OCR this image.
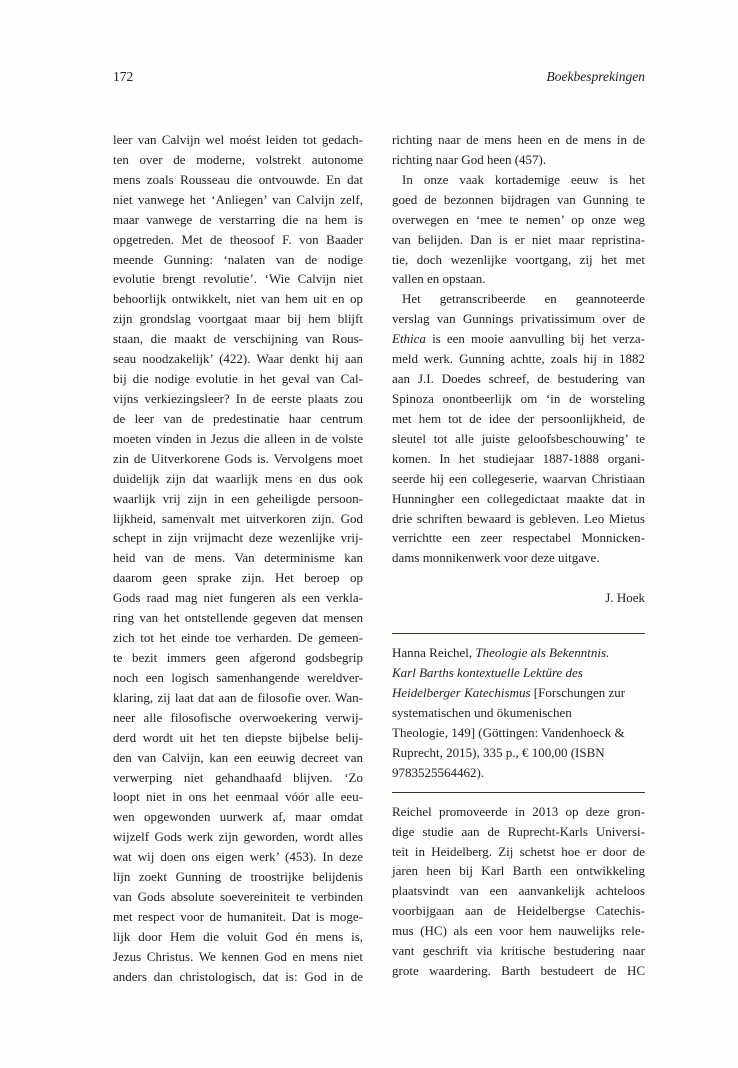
172	Boekbesprekingen
leer van Calvijn wel moést leiden tot gedach-
ten over de moderne, volstrekt autonome
mens zoals Rousseau die ontvouwde. En dat
niet vanwege het ‘Anliegen’ van Calvijn zelf,
maar vanwege de verstarring die na hem is
opgetreden. Met de theosoof F. von Baader
meende Gunning: ‘nalaten van de nodige
evolutie brengt revolutie’. ‘Wie Calvijn niet
behoorlijk ontwikkelt, niet van hem uit en op
zijn grondslag voortgaat maar bij hem blijft
staan, die maakt de verschijning van Rous-
seau noodzakelijk’ (422). Waar denkt hij aan
bij die nodige evolutie in het geval van Cal-
vijns verkiezingsleer? In de eerste plaats zou
de leer van de predestinatie haar centrum
moeten vinden in Jezus die alleen in de volste
zin de Uitverkorene Gods is. Vervolgens moet
duidelijk zijn dat waarlijk mens en dus ook
waarlijk vrij zijn in een geheiligde persoon-
lijkheid, samenvalt met uitverkoren zijn. God
schept in zijn vrijmacht deze wezenlijke vrij-
heid van de mens. Van determinisme kan
daarom geen sprake zijn. Het beroep op
Gods raad mag niet fungeren als een verkla-
ring van het ontstellende gegeven dat mensen
zich tot het einde toe verharden. De gemeen-
te bezit immers geen afgerond godsbegrip
noch een logisch samenhangende wereldver-
klaring, zij laat dat aan de filosofie over. Wan-
neer alle filosofische overwoekering verwij-
derd wordt uit het ten diepste bijbelse belij-
den van Calvijn, kan een eeuwig decreet van
verwerping niet gehandhaafd blijven. ‘Zo
loopt niet in ons het eenmaal vóór alle eeu-
wen opgewonden uurwerk af, maar omdat
wijzelf Gods werk zijn geworden, wordt alles
wat wij doen ons eigen werk’ (453). In deze
lijn zoekt Gunning de troostrijke belijdenis
van Gods absolute soevereiniteit te verbinden
met respect voor de humaniteit. Dat is moge-
lijk door Hem die voluit God én mens is,
Jezus Christus. We kennen God en mens niet
anders dan christologisch, dat is: God in de
richting naar de mens heen en de mens in de
richting naar God heen (457).
In onze vaak kortademige eeuw is het
goed de bezonnen bijdragen van Gunning te
overwegen en ‘mee te nemen’ op onze weg
van belijden. Dan is er niet maar repristina-
tie, doch wezenlijke voortgang, zij het met
vallen en opstaan.
Het getranscribeerde en geannoteerde
verslag van Gunnings privatissimum over de
Ethica is een mooie aanvulling bij het verza-
meld werk. Gunning achtte, zoals hij in 1882
aan J.I. Doedes schreef, de bestudering van
Spinoza onontbeerlijk om ‘in de worsteling
met hem tot de idee der persoonlijkheid, de
sleutel tot alle juiste geloofsbeschouwing’ te
komen. In het studiejaar 1887-1888 organi-
seerde hij een collegeserie, waarvan Christiaan
Hunningher een collegedictaat maakte dat in
drie schriften bewaard is gebleven. Leo Mietus
verrichtte een zeer respectabel Monnicken-
dams monnikenwerk voor deze uitgave.
J. Hoek
Hanna Reichel, Theologie als Bekenntnis.
Karl Barths kontextuelle Lektüre des
Heidelberger Katechismus [Forschungen zur
systematischen und ökumenischen
Theologie, 149] (Göttingen: Vandenhoeck &
Ruprecht, 2015), 335 p., € 100,00 (ISBN
9783525564462).
Reichel promoveerde in 2013 op deze gron-
dige studie aan de Ruprecht-Karls Universi-
teit in Heidelberg. Zij schetst hoe er door de
jaren heen bij Karl Barth een ontwikkeling
plaatsvindt van een aanvankelijk achteloos
voorbijgaan aan de Heidelbergse Catechis-
mus (HC) als een voor hem nauwelijks rele-
vant geschrift via kritische bestudering naar
grote waardering. Barth bestudeert de HC
